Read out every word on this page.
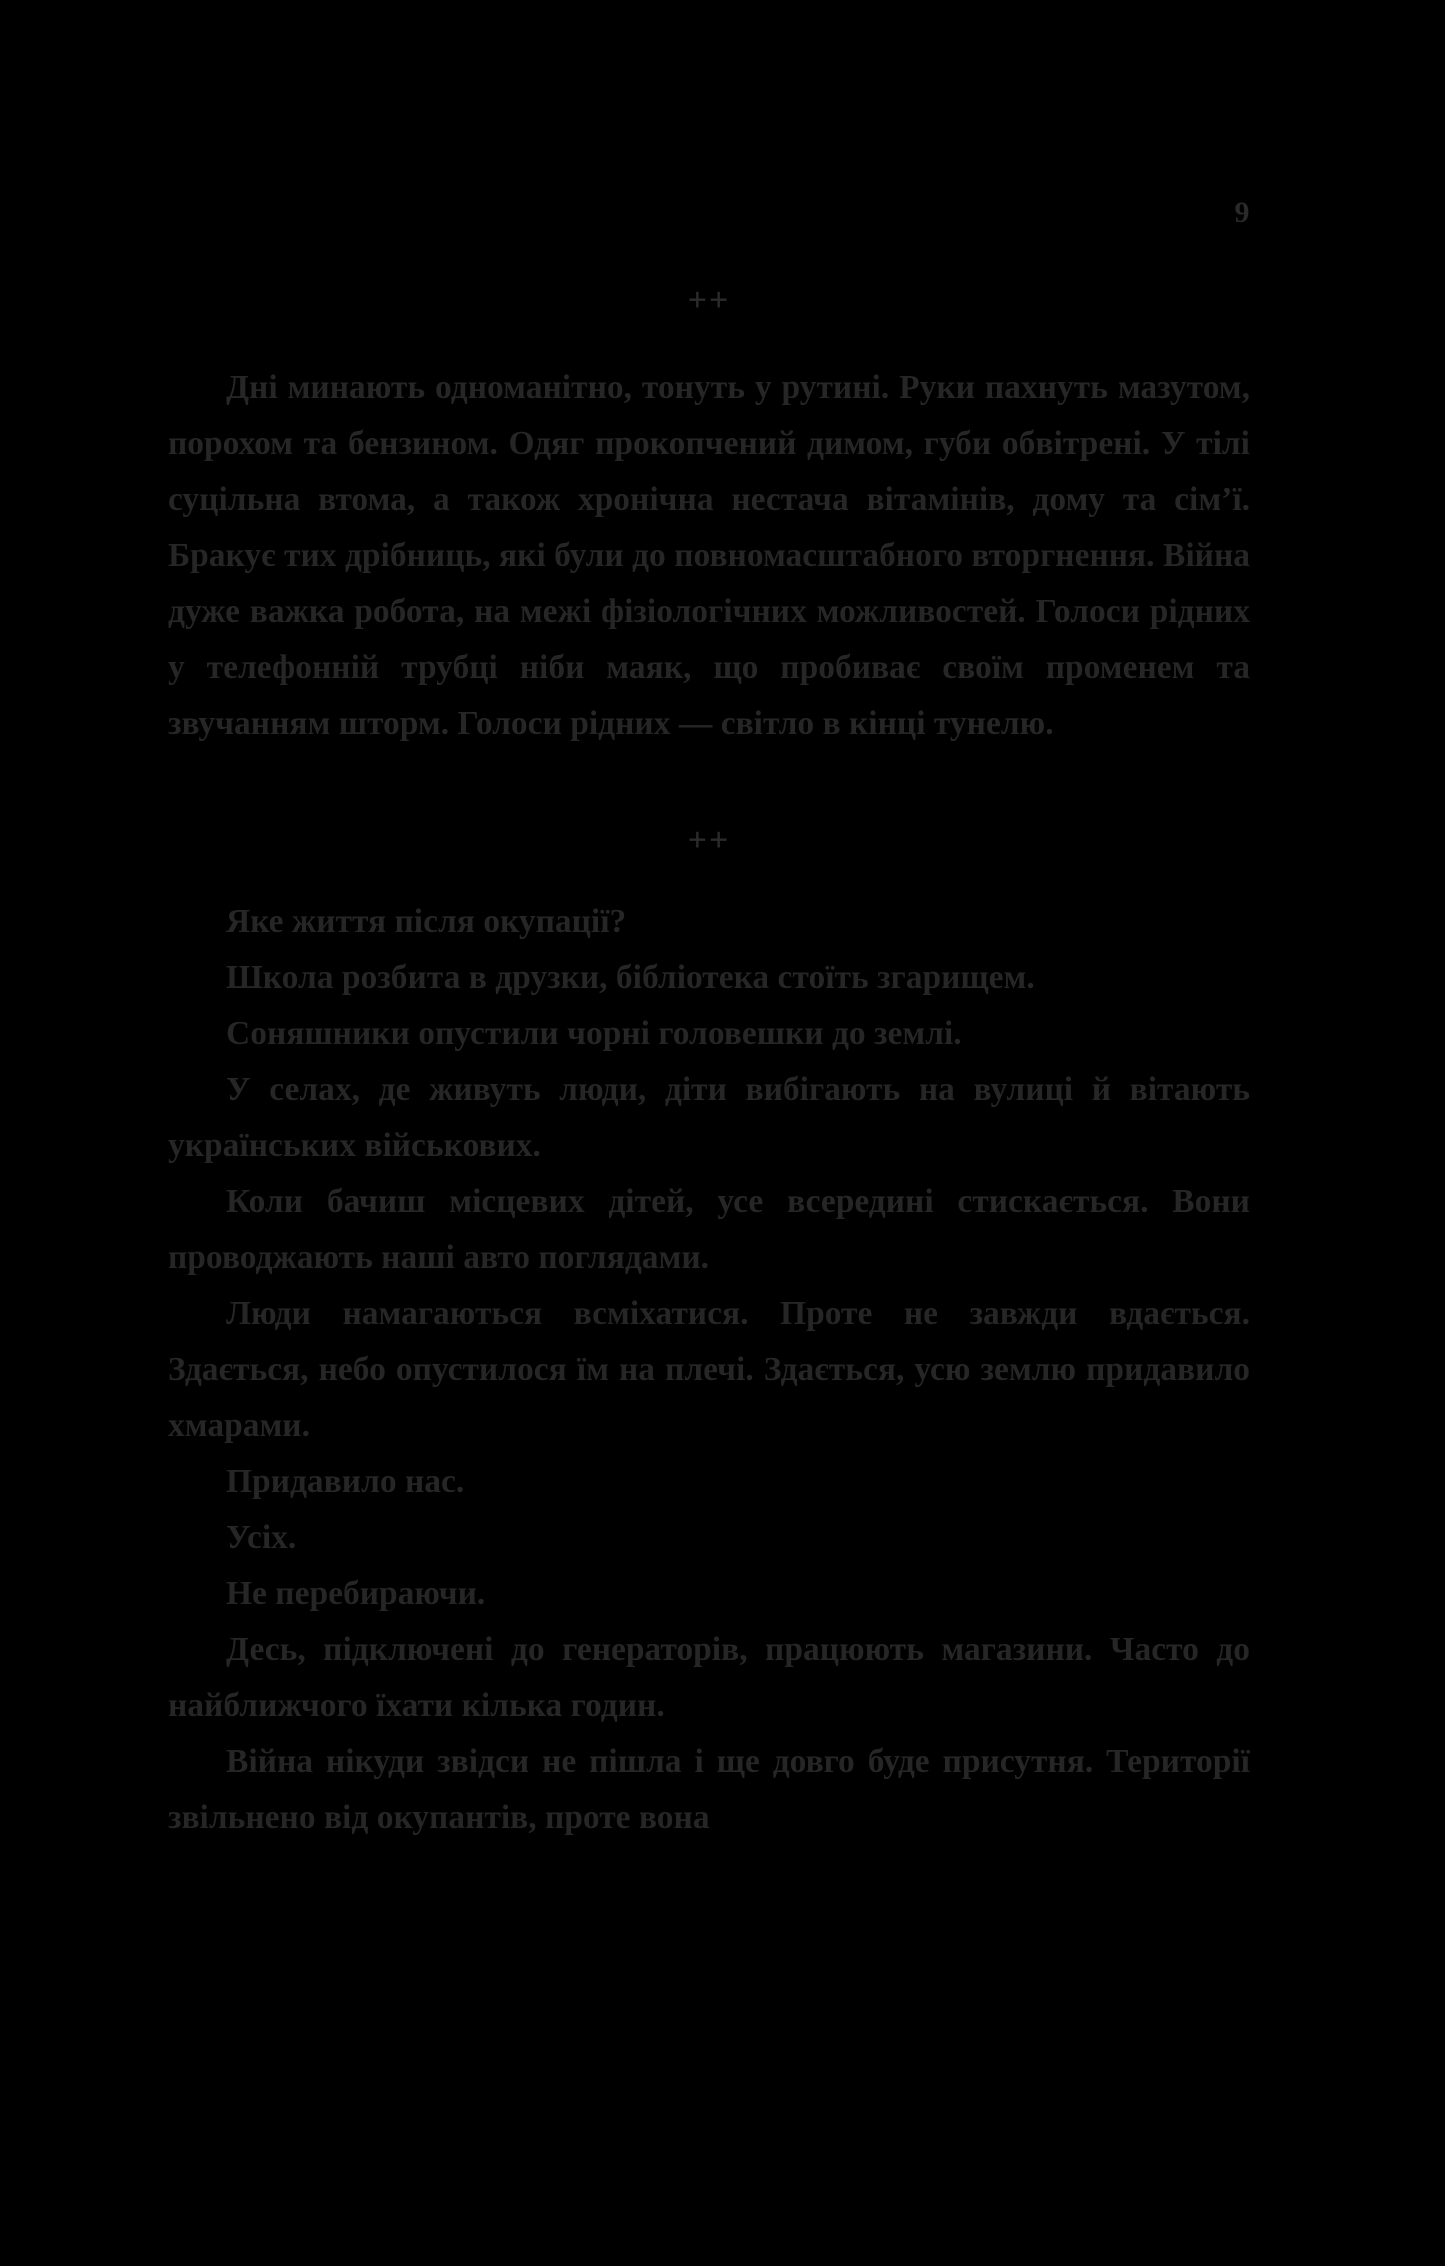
9
++

Дні минають одноманітно, тонуть у рутині. Руки пахнуть мазутом, порохом та бензином. Одяг прокопчений димом, губи обвітрені. У тілі суцільна втома, а також хронічна нестача вітамінів, дому та сім’ї. Бракує тих дрібниць, які були до повномасштабного вторгнення. Війна дуже важка робота, на межі фізіологічних можливостей. Голоси рідних у телефонній трубці ніби маяк, що пробиває своїм променем та звучанням шторм. Голоси рідних — світло в кінці тунелю.

++

Яке життя після окупації?

Школа розбита в друзки, бібліотека стоїть згарищем.

Соняшники опустили чорні головешки до землі.

У селах, де живуть люди, діти вибігають на вулиці й вітають українських військових.

Коли бачиш місцевих дітей, усе всередині стискається. Вони проводжають наші авто поглядами.

Люди намагаються всміхатися. Проте не завжди вдається. Здається, небо опустилося їм на плечі. Здається, усю землю придавило хмарами.

Придавило нас.

Усіх.

Не перебираючи.

Десь, підключені до генераторів, працюють магазини. Часто до найближчого їхати кілька годин.

Війна нікуди звідси не пішла і ще довго буде присутня. Території звільнено від окупантів, проте вона
